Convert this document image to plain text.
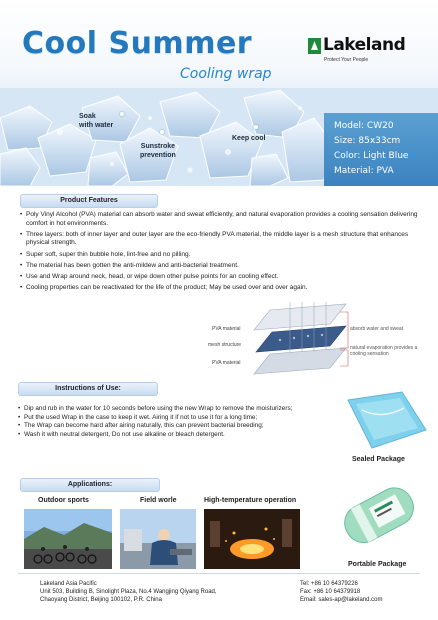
Cool Summer
Cooling wrap
Lakeland
Protect Your People
Soak
with water
Sunstroke
prevention
Keep cool
Model: CW20
Size: 85x33cm
Color: Light Blue
Material: PVA
Product Features
• Poly Vinyl Alcohol (PVA) material can absorb water and sweat efficiently, and natural evaporation provides a cooling sensation delivering comfort in hot environments.
• Three layers: both of inner layer and outer layer are the eco-friendly PVA material, the middle layer is a mesh structure that enhances physical strength.
• Super soft, super thin bubble hole, lint-free and no pilling.
• The material has been gotten the anti-mildew and anti-bacterial treatment.
• Use and Wrap around neck, head, or wipe down other pulse points for an cooling effect.
• Cooling properties can be reactivated for the life of the product; May be used over and over again.
PVA material
mesh structure
PVA material
absorb water and sweat
natural evaporation provides a
cooling sensation
Instructions of Use:
• Dip and rub in the water for 10 seconds before using the new Wrap to remove the moisturizers;
• Put the used Wrap in the case to keep it wet. Airing it if not to use it for a long time;
• The Wrap can become hard after airing naturally, this can prevent bacterial breeding;
• Wash it with neutral detergent, Do not use alkaline or bleach detergent.
Sealed Package
Applications:
Outdoor sports	Field worle	High-temperature operation
Portable Package
Lakeland Asia Pacific
Unit 503, Building B, Sinolight Plaza, No.4 Wangjing Qiyang Road,
Chaoyang District, Beijing 100102, P.R. China
Tel: +86 10 64379226
Fax: +86 10 64379918
Email: sales-ap@lakeland.com
